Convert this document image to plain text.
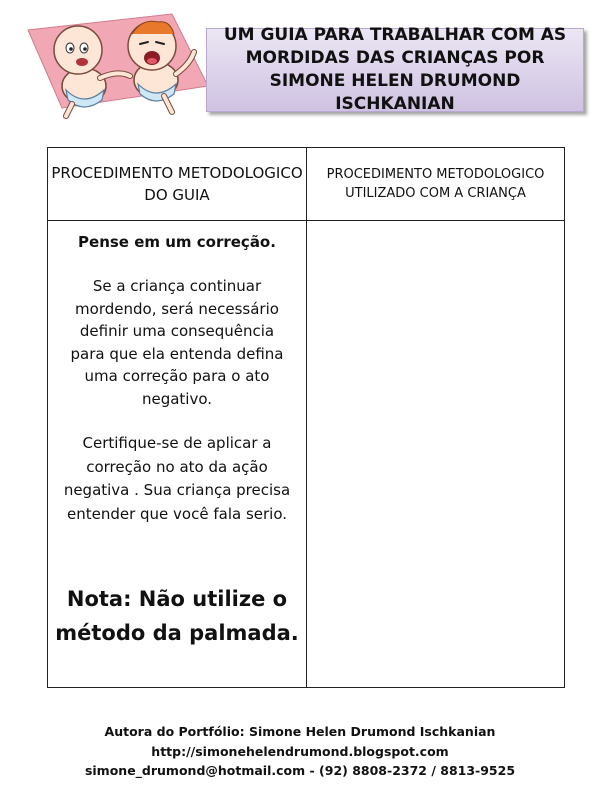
UM GUIA PARA TRABALHAR COM AS MORDIDAS DAS CRIANÇAS POR SIMONE HELEN DRUMOND ISCHKANIAN
PROCEDIMENTO METODOLOGICO DO GUIA
PROCEDIMENTO METODOLOGICO UTILIZADO COM A CRIANÇA
Pense em um correção.
Se a criança continuar mordendo, será necessário definir uma consequência para que ela entenda defina uma correção para o ato negativo.
Certifique-se de aplicar a correção no ato da ação negativa . Sua criança precisa entender que você fala serio.
Nota: Não utilize o método da palmada.
Autora do Portfólio: Simone Helen Drumond Ischkanian
http://simonehelendrumond.blogspot.com
simone_drumond@hotmail.com - (92) 8808-2372 / 8813-9525
